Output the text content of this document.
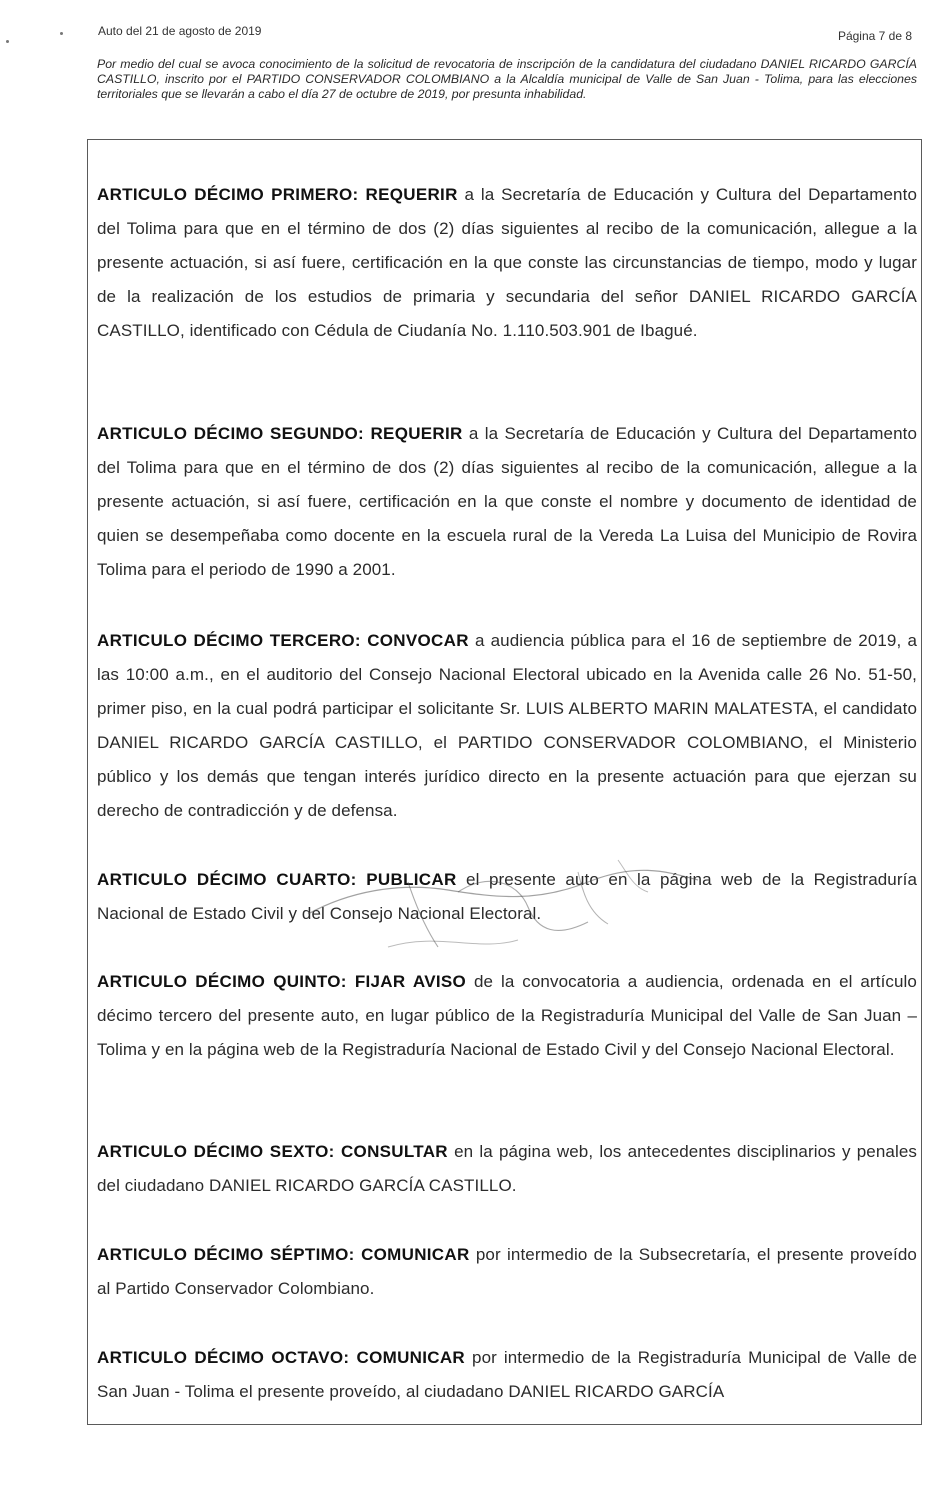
Auto del 21 de agosto de 2019	Página 7 de 8
Por medio del cual se avoca conocimiento de la solicitud de revocatoria de inscripción de la candidatura del ciudadano DANIEL RICARDO GARCÍA CASTILLO, inscrito por el PARTIDO CONSERVADOR COLOMBIANO a la Alcaldía municipal de Valle de San Juan - Tolima, para las elecciones territoriales que se llevarán a cabo el día 27 de octubre de 2019, por presunta inhabilidad.
ARTICULO DÉCIMO PRIMERO: REQUERIR a la Secretaría de Educación y Cultura del Departamento del Tolima para que en el término de dos (2) días siguientes al recibo de la comunicación, allegue a la presente actuación, si así fuere, certificación en la que conste las circunstancias de tiempo, modo y lugar de la realización de los estudios de primaria y secundaria del señor DANIEL RICARDO GARCÍA CASTILLO, identificado con Cédula de Ciudanía No. 1.110.503.901 de Ibagué.
ARTICULO DÉCIMO SEGUNDO: REQUERIR a la Secretaría de Educación y Cultura del Departamento del Tolima para que en el término de dos (2) días siguientes al recibo de la comunicación, allegue a la presente actuación, si así fuere, certificación en la que conste el nombre y documento de identidad de quien se desempeñaba como docente en la escuela rural de la Vereda La Luisa del Municipio de Rovira Tolima para el periodo de 1990 a 2001.
ARTICULO DÉCIMO TERCERO: CONVOCAR a audiencia pública para el 16 de septiembre de 2019, a las 10:00 a.m., en el auditorio del Consejo Nacional Electoral ubicado en la Avenida calle 26 No. 51-50, primer piso, en la cual podrá participar el solicitante Sr. LUIS ALBERTO MARIN MALATESTA, el candidato DANIEL RICARDO GARCÍA CASTILLO, el PARTIDO CONSERVADOR COLOMBIANO, el Ministerio público y los demás que tengan interés jurídico directo en la presente actuación para que ejerzan su derecho de contradicción y de defensa.
ARTICULO DÉCIMO CUARTO: PUBLICAR el presente auto en la página web de la Registraduría Nacional de Estado Civil y del Consejo Nacional Electoral.
ARTICULO DÉCIMO QUINTO: FIJAR AVISO de la convocatoria a audiencia, ordenada en el artículo décimo tercero del presente auto, en lugar público de la Registraduría Municipal del Valle de San Juan – Tolima y en la página web de la Registraduría Nacional de Estado Civil y del Consejo Nacional Electoral.
ARTICULO DÉCIMO SEXTO: CONSULTAR en la página web, los antecedentes disciplinarios y penales del ciudadano DANIEL RICARDO GARCÍA CASTILLO.
ARTICULO DÉCIMO SÉPTIMO: COMUNICAR por intermedio de la Subsecretaría, el presente proveído al Partido Conservador Colombiano.
ARTICULO DÉCIMO OCTAVO: COMUNICAR por intermedio de la Registraduría Municipal de Valle de San Juan - Tolima el presente proveído, al ciudadano DANIEL RICARDO GARCÍA
